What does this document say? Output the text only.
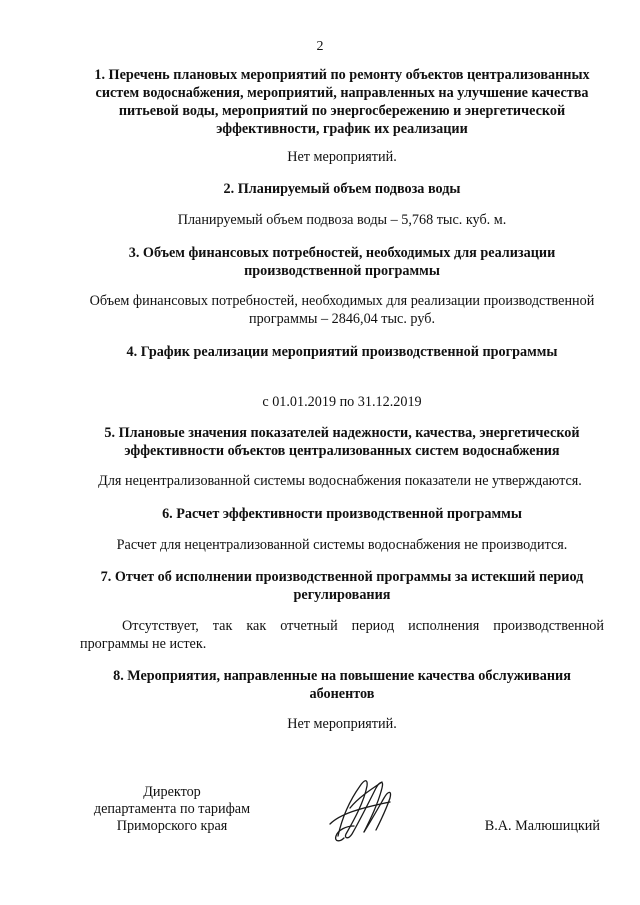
2
1. Перечень плановых мероприятий по ремонту объектов централизованных систем водоснабжения, мероприятий, направленных на улучшение качества питьевой воды, мероприятий по энергосбережению и энергетической эффективности, график их реализации
Нет мероприятий.
2. Планируемый объем подвоза воды
Планируемый объем подвоза воды – 5,768 тыс. куб. м.
3. Объем финансовых потребностей, необходимых для реализации производственной программы
Объем финансовых потребностей, необходимых для реализации производственной программы – 2846,04 тыс. руб.
4. График реализации мероприятий производственной программы
с 01.01.2019 по 31.12.2019
5. Плановые значения показателей надежности, качества, энергетической эффективности объектов централизованных систем водоснабжения
Для нецентрализованной системы водоснабжения показатели не утверждаются.
6. Расчет эффективности производственной программы
Расчет для нецентрализованной системы водоснабжения не производится.
7. Отчет об исполнении производственной программы за истекший период регулирования
Отсутствует, так как отчетный период исполнения производственной программы не истек.
8. Мероприятия, направленные на повышение качества обслуживания абонентов
Нет мероприятий.
Директор
департамента по тарифам
Приморского края	В.А. Малюшицкий
